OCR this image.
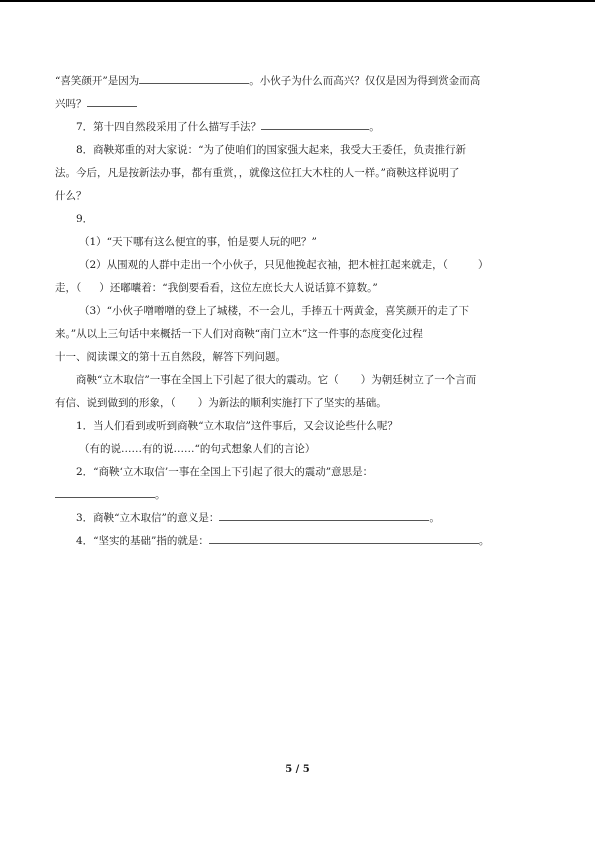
“喜笑颜开”是因为	。小伙子为什么而高兴？仅仅是因为得到赏金而高
兴吗？
7．第十四自然段采用了什么描写手法？	。
8．商鞅郑重的对大家说：“为了使咱们的国家强大起来，我受大王委任，负责推行新
法。今后，凡是按新法办事，都有重赏，，就像这位扛大木柱的人一样。”商鞅这样说明了
什么？
9．
（1）“天下哪有这么便宜的事，怕是要人玩的吧？”
（2）从围观的人群中走出一个小伙子，只见他挽起衣袖，把木桩扛起来就走，（	）
走，（ ）还嘟囔着：“我倒要看看，这位左庶长大人说话算不算数。”
（3）“小伙子噌噌噌的登上了城楼，不一会儿，手捧五十两黄金，喜笑颜开的走了下
来。”从以上三句话中来概括一下人们对商鞅“南门立木”这一件事的态度变化过程
十一、阅读课文的第十五自然段，解答下列问题。
商鞅“立木取信”一事在全国上下引起了很大的震动。它（ ）为朝廷树立了一个言而
有信、说到做到的形象，（ ）为新法的顺利实施打下了坚实的基础。
1．当人们看到或听到商鞅“立木取信”这件事后，又会议论些什么呢？
（有的说……有的说……“的句式想象人们的言论）
2．“商鞅‘立木取信’一事在全国上下引起了很大的震动”意思是：
。
3．商鞅“立木取信”的意义是：	。
4．“坚实的基础”指的就是：	。
5 / 5
